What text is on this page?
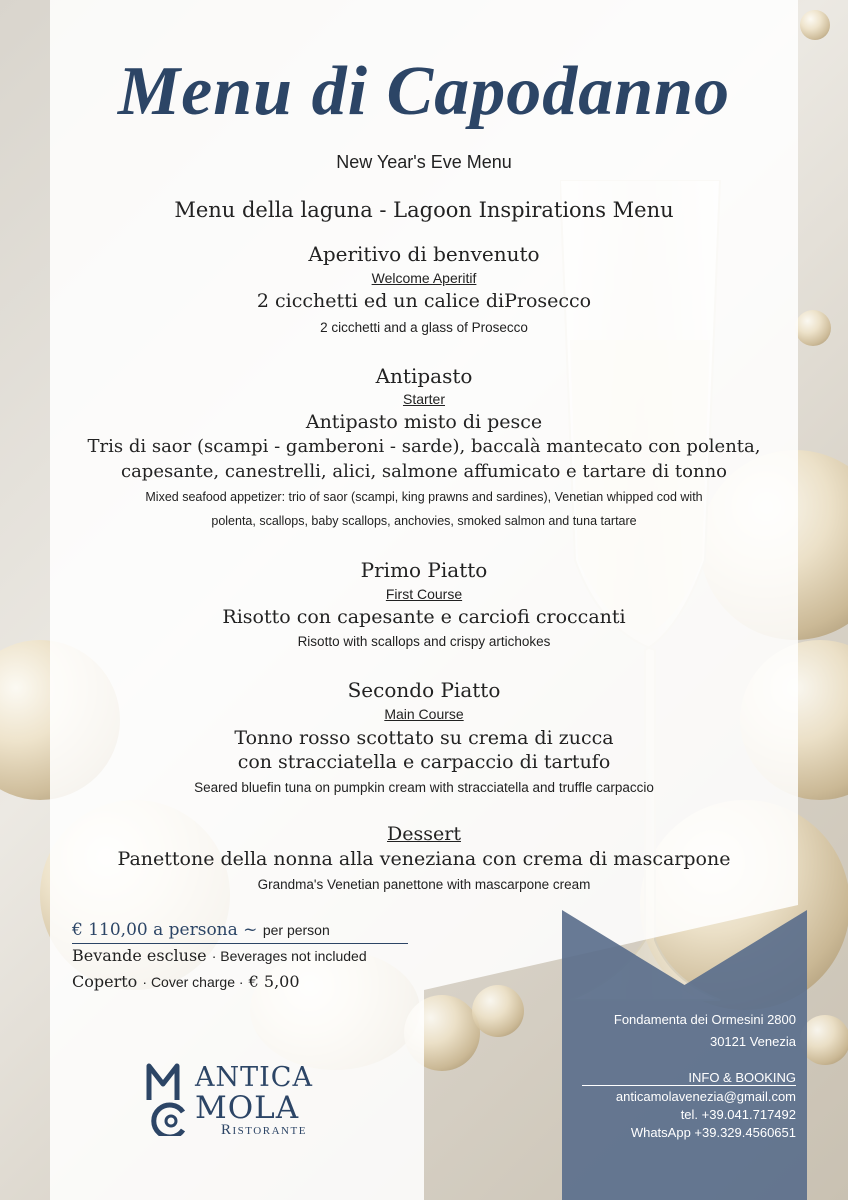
Menu di Capodanno
New Year's Eve Menu
Menu della laguna - Lagoon Inspirations Menu
Aperitivo di benvenuto
Welcome Aperitif
2 cicchetti ed un calice diProsecco
2 cicchetti and a glass of Prosecco
Antipasto
Starter
Antipasto misto di pesce
Tris di saor (scampi - gamberoni - sarde), baccalà mantecato con polenta,
capesante, canestrelli, alici, salmone affumicato e tartare di tonno
Mixed seafood appetizer: trio of saor (scampi, king prawns and sardines), Venetian whipped cod with
polenta, scallops, baby scallops, anchovies, smoked salmon and tuna tartare
Primo Piatto
First Course
Risotto con capesante e carciofi croccanti
Risotto with scallops and crispy artichokes
Secondo Piatto
Main Course
Tonno rosso scottato su crema di zucca
con stracciatella e carpaccio di tartufo
Seared bluefin tuna on pumpkin cream with stracciatella and truffle carpaccio
Dessert
Panettone della nonna alla veneziana con crema di mascarpone
Grandma's Venetian panettone with mascarpone cream
€ 110,00 a persona ~ per person
Bevande escluse · Beverages not included
Coperto · Cover charge · € 5,00
ANTICA
MOLA
Ristorante
Fondamenta dei Ormesini 2800
30121 Venezia
INFO & BOOKING
anticamolavenezia@gmail.com
tel. +39.041.717492
WhatsApp +39.329.4560651
